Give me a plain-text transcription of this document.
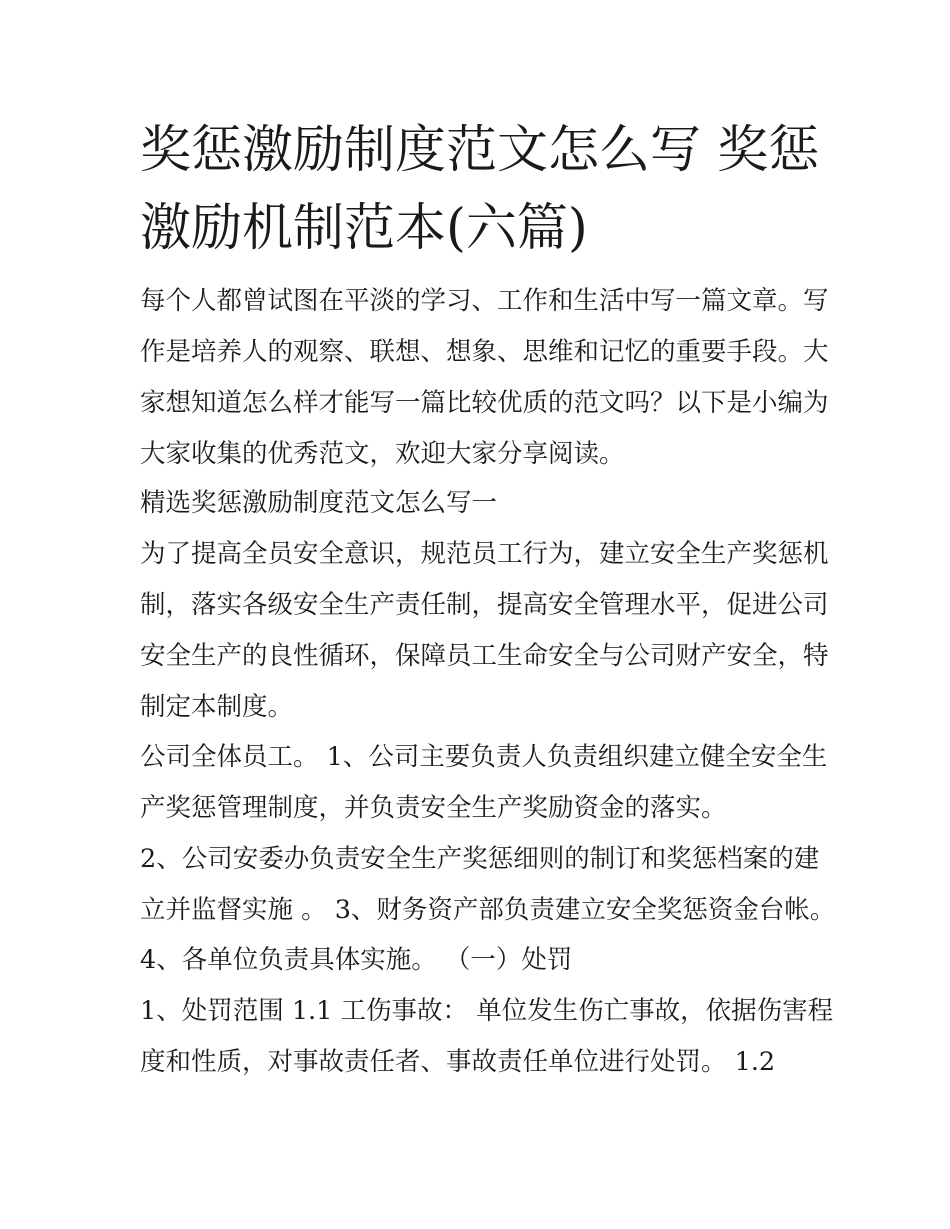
奖惩激励制度范文怎么写 奖惩
激励机制范本(六篇)

每个人都曾试图在平淡的学习、工作和生活中写一篇文章。写

作是培养人的观察、联想、想象、思维和记忆的重要手段。大

家想知道怎么样才能写一篇比较优质的范文吗？以下是小编为

大家收集的优秀范文，欢迎大家分享阅读。

精选奖惩激励制度范文怎么写一

为了提高全员安全意识，规范员工行为，建立安全生产奖惩机

制，落实各级安全生产责任制，提高安全管理水平，促进公司

安全生产的良性循环，保障员工生命安全与公司财产安全，特

制定本制度。

公司全体员工。 1、公司主要负责人负责组织建立健全安全生

产奖惩管理制度，并负责安全生产奖励资金的落实。

2、公司安委办负责安全生产奖惩细则的制订和奖惩档案的建

立并监督实施 。 3、财务资产部负责建立安全奖惩资金台帐。

4、各单位负责具体实施。 （一）处罚

1、处罚范围 1.1 工伤事故： 单位发生伤亡事故，依据伤害程

度和性质，对事故责任者、事故责任单位进行处罚。 1.2
